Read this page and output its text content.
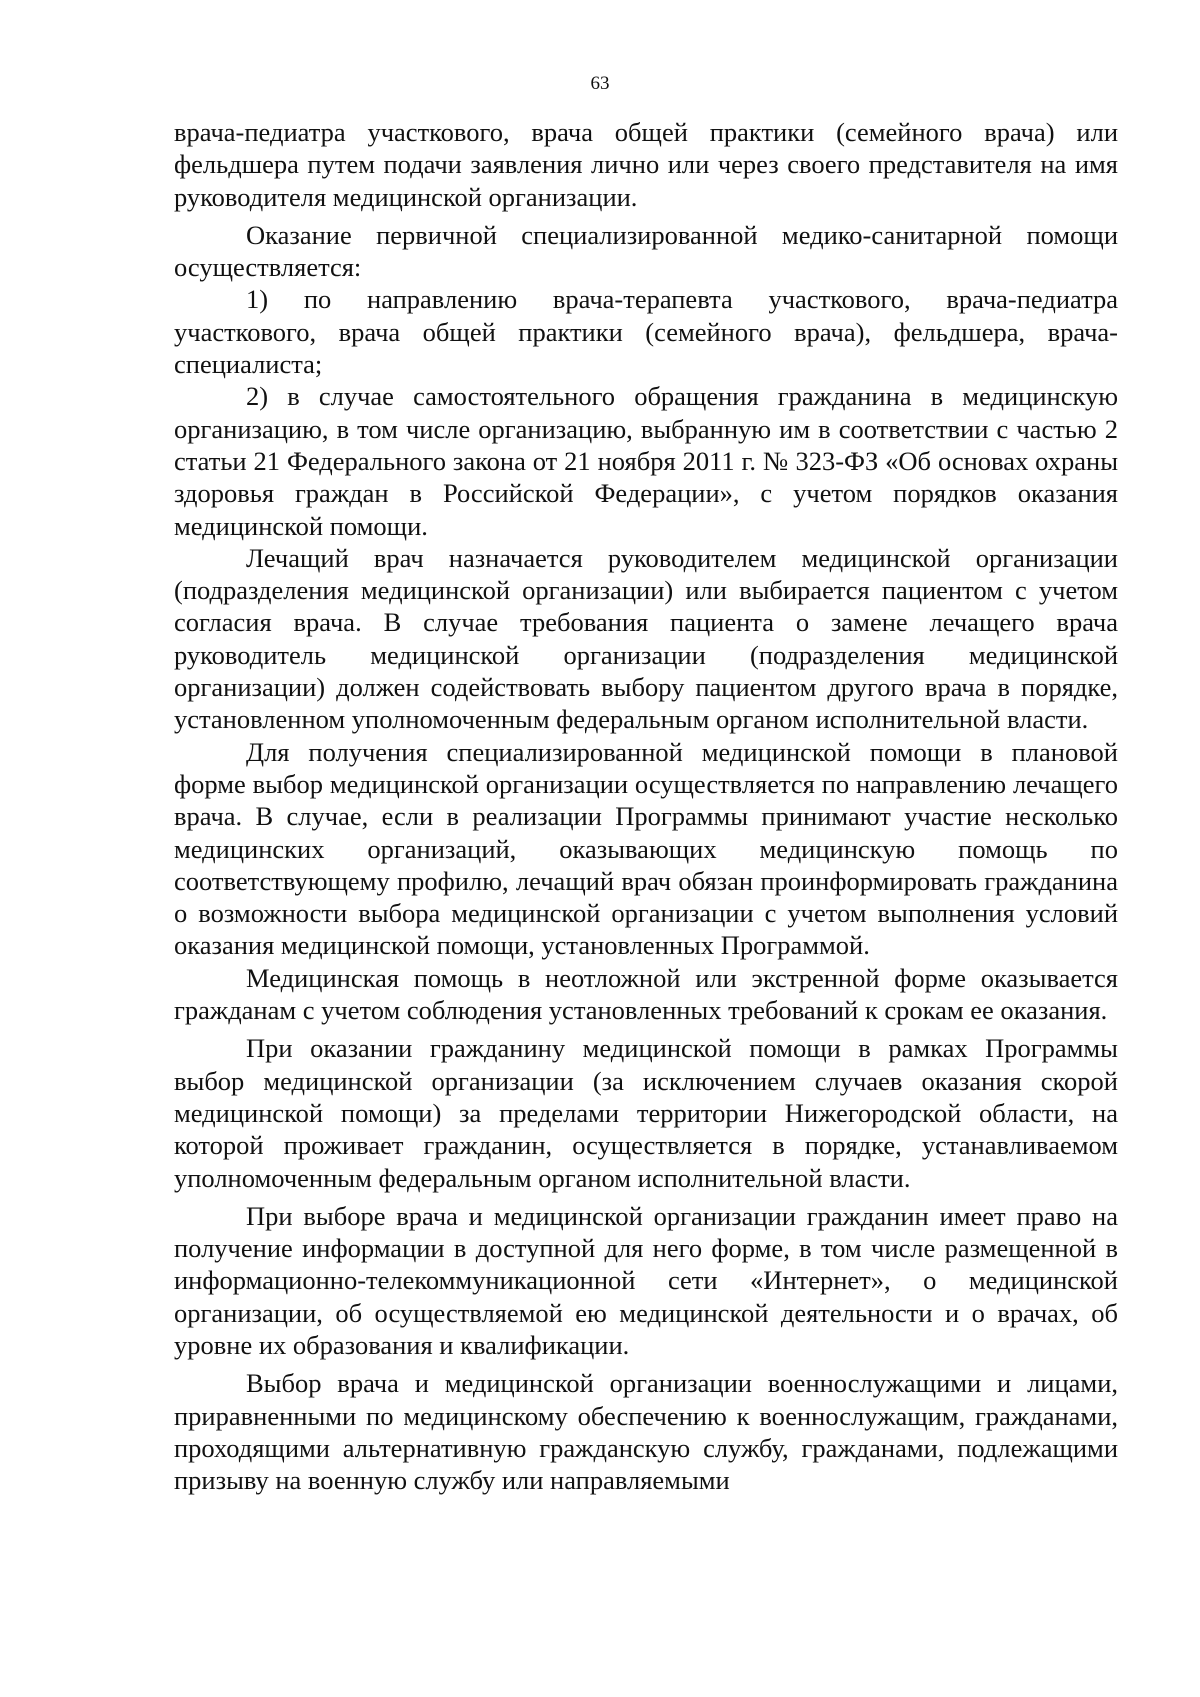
63

врача-педиатра участкового, врача общей практики (семейного врача) или фельдшера путем подачи заявления лично или через своего представителя на имя руководителя медицинской организации.

Оказание первичной специализированной медико-санитарной помощи осуществляется:

1) по направлению врача-терапевта участкового, врача-педиатра участкового, врача общей практики (семейного врача), фельдшера, врача-специалиста;

2) в случае самостоятельного обращения гражданина в медицинскую организацию, в том числе организацию, выбранную им в соответствии с частью 2 статьи 21 Федерального закона от 21 ноября 2011 г. № 323-ФЗ «Об основах охраны здоровья граждан в Российской Федерации», с учетом порядков оказания медицинской помощи.

Лечащий врач назначается руководителем медицинской организации (подразделения медицинской организации) или выбирается пациентом с учетом согласия врача. В случае требования пациента о замене лечащего врача руководитель медицинской организации (подразделения медицинской организации) должен содействовать выбору пациентом другого врача в порядке, установленном уполномоченным федеральным органом исполнительной власти.

Для получения специализированной медицинской помощи в плановой форме выбор медицинской организации осуществляется по направлению лечащего врача. В случае, если в реализации Программы принимают участие несколько медицинских организаций, оказывающих медицинскую помощь по соответствующему профилю, лечащий врач обязан проинформировать гражданина о возможности выбора медицинской организации с учетом выполнения условий оказания медицинской помощи, установленных Программой.

Медицинская помощь в неотложной или экстренной форме оказывается гражданам с учетом соблюдения установленных требований к срокам ее оказания.

При оказании гражданину медицинской помощи в рамках Программы выбор медицинской организации (за исключением случаев оказания скорой медицинской помощи) за пределами территории Нижегородской области, на которой проживает гражданин, осуществляется в порядке, устанавливаемом уполномоченным федеральным органом исполнительной власти.

При выборе врача и медицинской организации гражданин имеет право на получение информации в доступной для него форме, в том числе размещенной в информационно-телекоммуникационной сети «Интернет», о медицинской организации, об осуществляемой ею медицинской деятельности и о врачах, об уровне их образования и квалификации.

Выбор врача и медицинской организации военнослужащими и лицами, приравненными по медицинскому обеспечению к военнослужащим, гражданами, проходящими альтернативную гражданскую службу, гражданами, подлежащими призыву на военную службу или направляемыми
